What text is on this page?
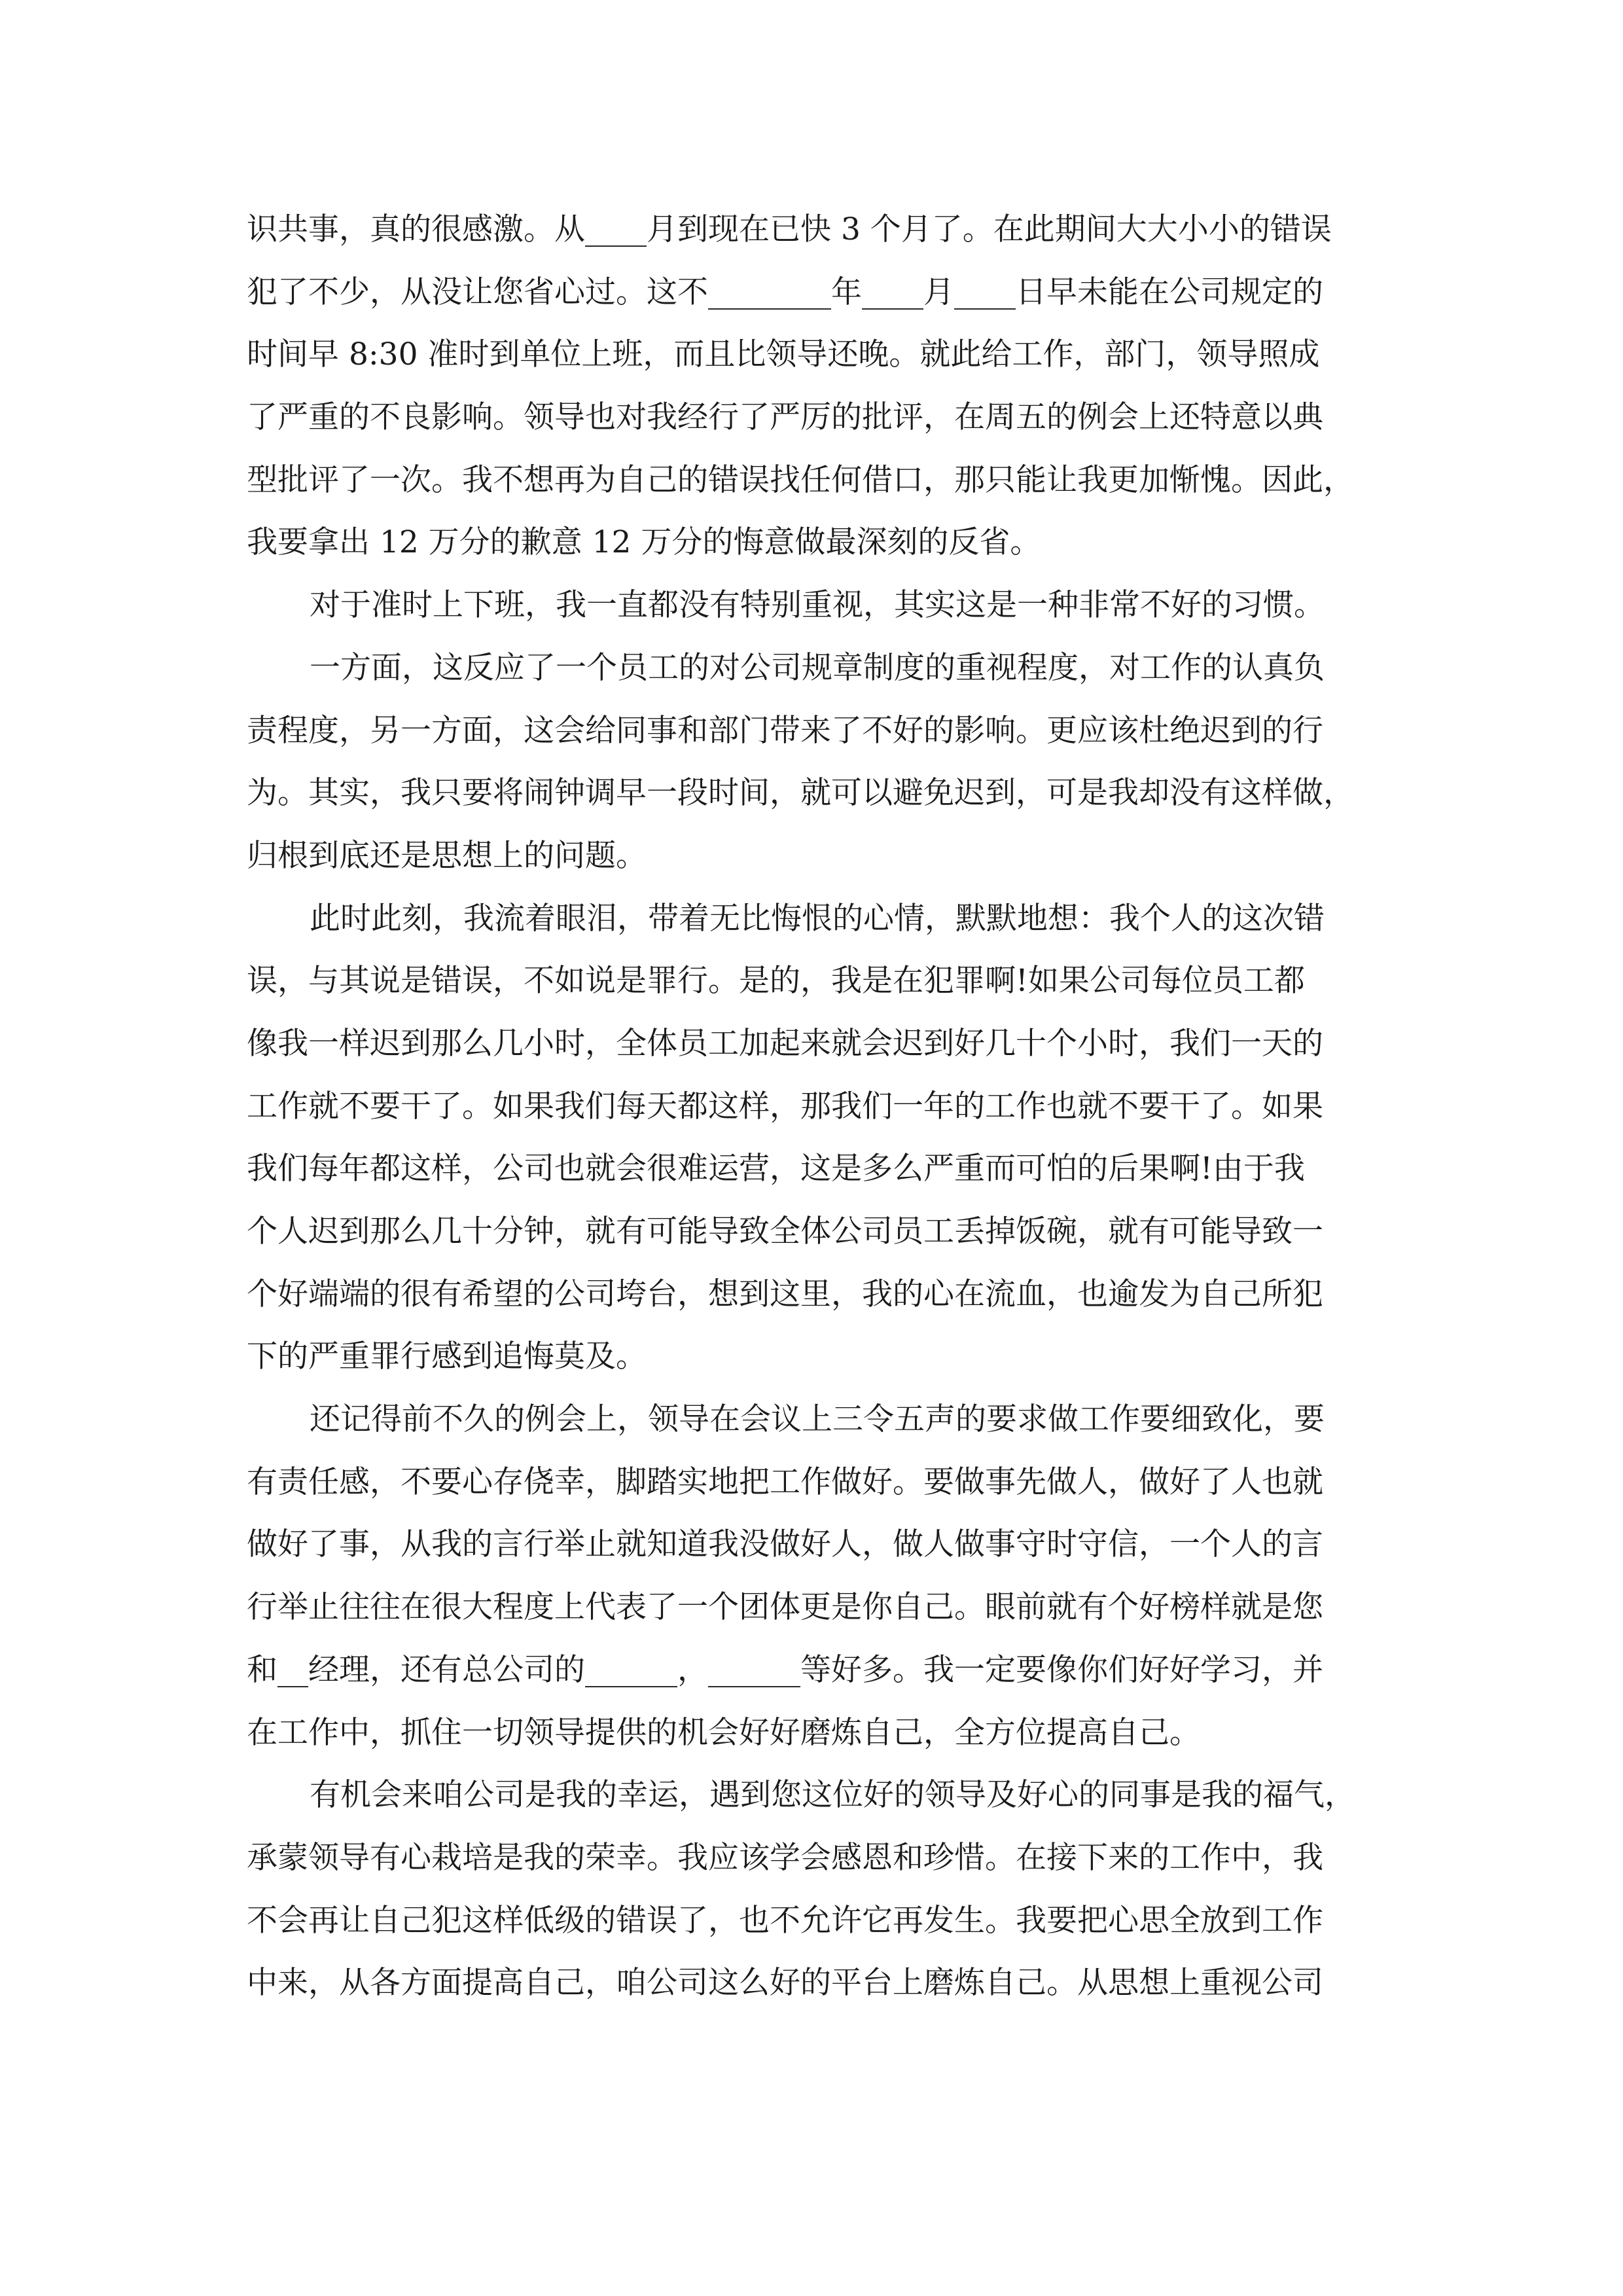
识共事，真的很感激。从____月到现在已快 3 个月了。在此期间大大小小的错误
犯了不少，从没让您省心过。这不________年____月____日早未能在公司规定的
时间早 8:30 准时到单位上班，而且比领导还晚。就此给工作，部门，领导照成
了严重的不良影响。领导也对我经行了严厉的批评，在周五的例会上还特意以典
型批评了一次。我不想再为自己的错误找任何借口，那只能让我更加惭愧。因此，
我要拿出 12 万分的歉意 12 万分的悔意做最深刻的反省。
对于准时上下班，我一直都没有特别重视，其实这是一种非常不好的习惯。
一方面，这反应了一个员工的对公司规章制度的重视程度，对工作的认真负
责程度，另一方面，这会给同事和部门带来了不好的影响。更应该杜绝迟到的行
为。其实，我只要将闹钟调早一段时间，就可以避免迟到，可是我却没有这样做，
归根到底还是思想上的问题。
此时此刻，我流着眼泪，带着无比悔恨的心情，默默地想：我个人的这次错
误，与其说是错误，不如说是罪行。是的，我是在犯罪啊!如果公司每位员工都
像我一样迟到那么几小时，全体员工加起来就会迟到好几十个小时，我们一天的
工作就不要干了。如果我们每天都这样，那我们一年的工作也就不要干了。如果
我们每年都这样，公司也就会很难运营，这是多么严重而可怕的后果啊!由于我
个人迟到那么几十分钟，就有可能导致全体公司员工丢掉饭碗，就有可能导致一
个好端端的很有希望的公司垮台，想到这里，我的心在流血，也逾发为自己所犯
下的严重罪行感到追悔莫及。
还记得前不久的例会上，领导在会议上三令五声的要求做工作要细致化，要
有责任感，不要心存侥幸，脚踏实地把工作做好。要做事先做人，做好了人也就
做好了事，从我的言行举止就知道我没做好人，做人做事守时守信，一个人的言
行举止往往在很大程度上代表了一个团体更是你自己。眼前就有个好榜样就是您
和__经理，还有总公司的______，______等好多。我一定要像你们好好学习，并
在工作中，抓住一切领导提供的机会好好磨炼自己，全方位提高自己。
有机会来咱公司是我的幸运，遇到您这位好的领导及好心的同事是我的福气，
承蒙领导有心栽培是我的荣幸。我应该学会感恩和珍惜。在接下来的工作中，我
不会再让自己犯这样低级的错误了，也不允许它再发生。我要把心思全放到工作
中来，从各方面提高自己，咱公司这么好的平台上磨炼自己。从思想上重视公司
